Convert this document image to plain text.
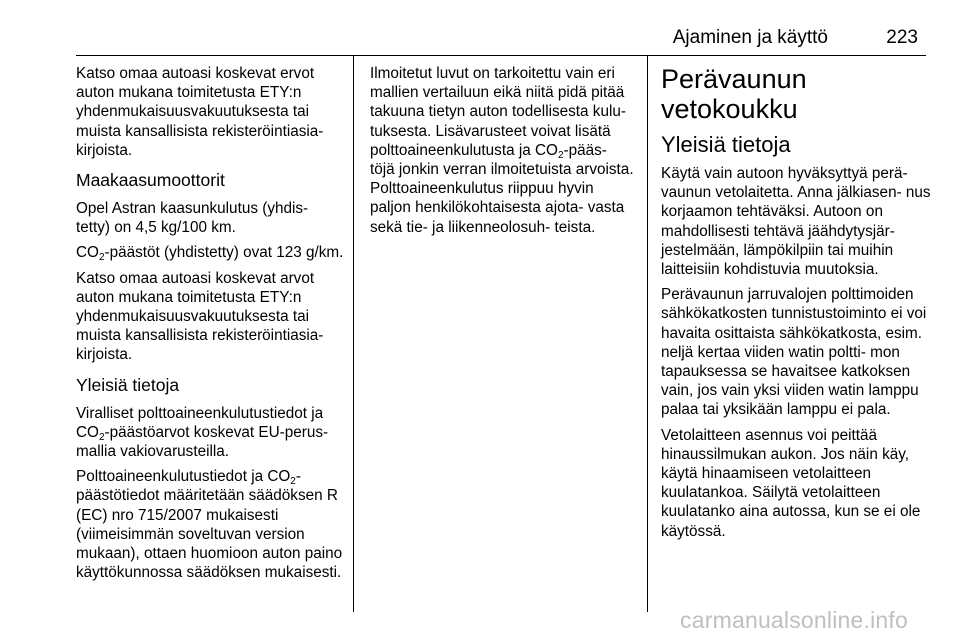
Ajaminen ja käyttö	223

Katso omaa autoasi koskevat ervot auton mukana toimitetusta ETY:n yhdenmukaisuusvakuutuksesta tai muista kansallisista rekisteröintiasia- kirjoista.

Maakaasumoottorit

Opel Astran kaasunkulutus (yhdis- tetty) on 4,5 kg/100 km.

$CO_2$-päästöt (yhdistetty) ovat 123 g/km.

Katso omaa autoasi koskevat arvot auton mukana toimitetusta ETY:n yhdenmukaisuusvakuutuksesta tai muista kansallisista rekisteröintiasia- kirjoista.

Yleisiä tietoja

Viralliset polttoaineenkulutustiedot ja $CO_2$-päästöarvot koskevat EU-perus- mallia vakiovarusteilla.

Polttoaineenkulutustiedot ja $CO_2-$ päästötiedot määritetään säädöksen R (EC) nro 715/2007 mukaisesti (viimeisimmän soveltuvan version mukaan), ottaen huomioon auton paino käyttökunnossa säädöksen mukaisesti.

Ilmoitetut luvut on tarkoitettu vain eri mallien vertailuun eikä niitä pidä pitää takuuna tietyn auton todellisesta kulu- tuksesta. Lisävarusteet voivat lisätä polttoaineenkulutusta ja $CO_2-pääs-$ töjä jonkin verran ilmoitetuista arvoista. Polttoaineenkulutus riippuu hyvin paljon henkilökohtaisesta ajota- vasta sekä tie- ja liikenneolosuh- teista.

Perävaunun vetokoukku
Yleisiä tietoja

Käytä vain autoon hyväksyttyä perä- vaunun vetolaitetta. Anna jälkiasen- nus korjaamon tehtäväksi. Autoon on mahdollisesti tehtävä jäähdytysjär- jestelmään, lämpökilpiin tai muihin laitteisiin kohdistuvia muutoksia.

Perävaunun jarruvalojen polttimoiden sähkökatkosten tunnistustoiminto ei voi havaita osittaista sähkökatkosta, esim. neljä kertaa viiden watin poltti- mon tapauksessa se havaitsee katkoksen vain, jos vain yksi viiden watin lamppu palaa tai yksikään lamppu ei pala.

Vetolaitteen asennus voi peittää hinaussilmukan aukon. Jos näin käy, käytä hinaamiseen vetolaitteen kuulatankoa. Säilytä vetolaitteen kuulatanko aina autossa, kun se ei ole käytössä.

carmanualsonline.info
